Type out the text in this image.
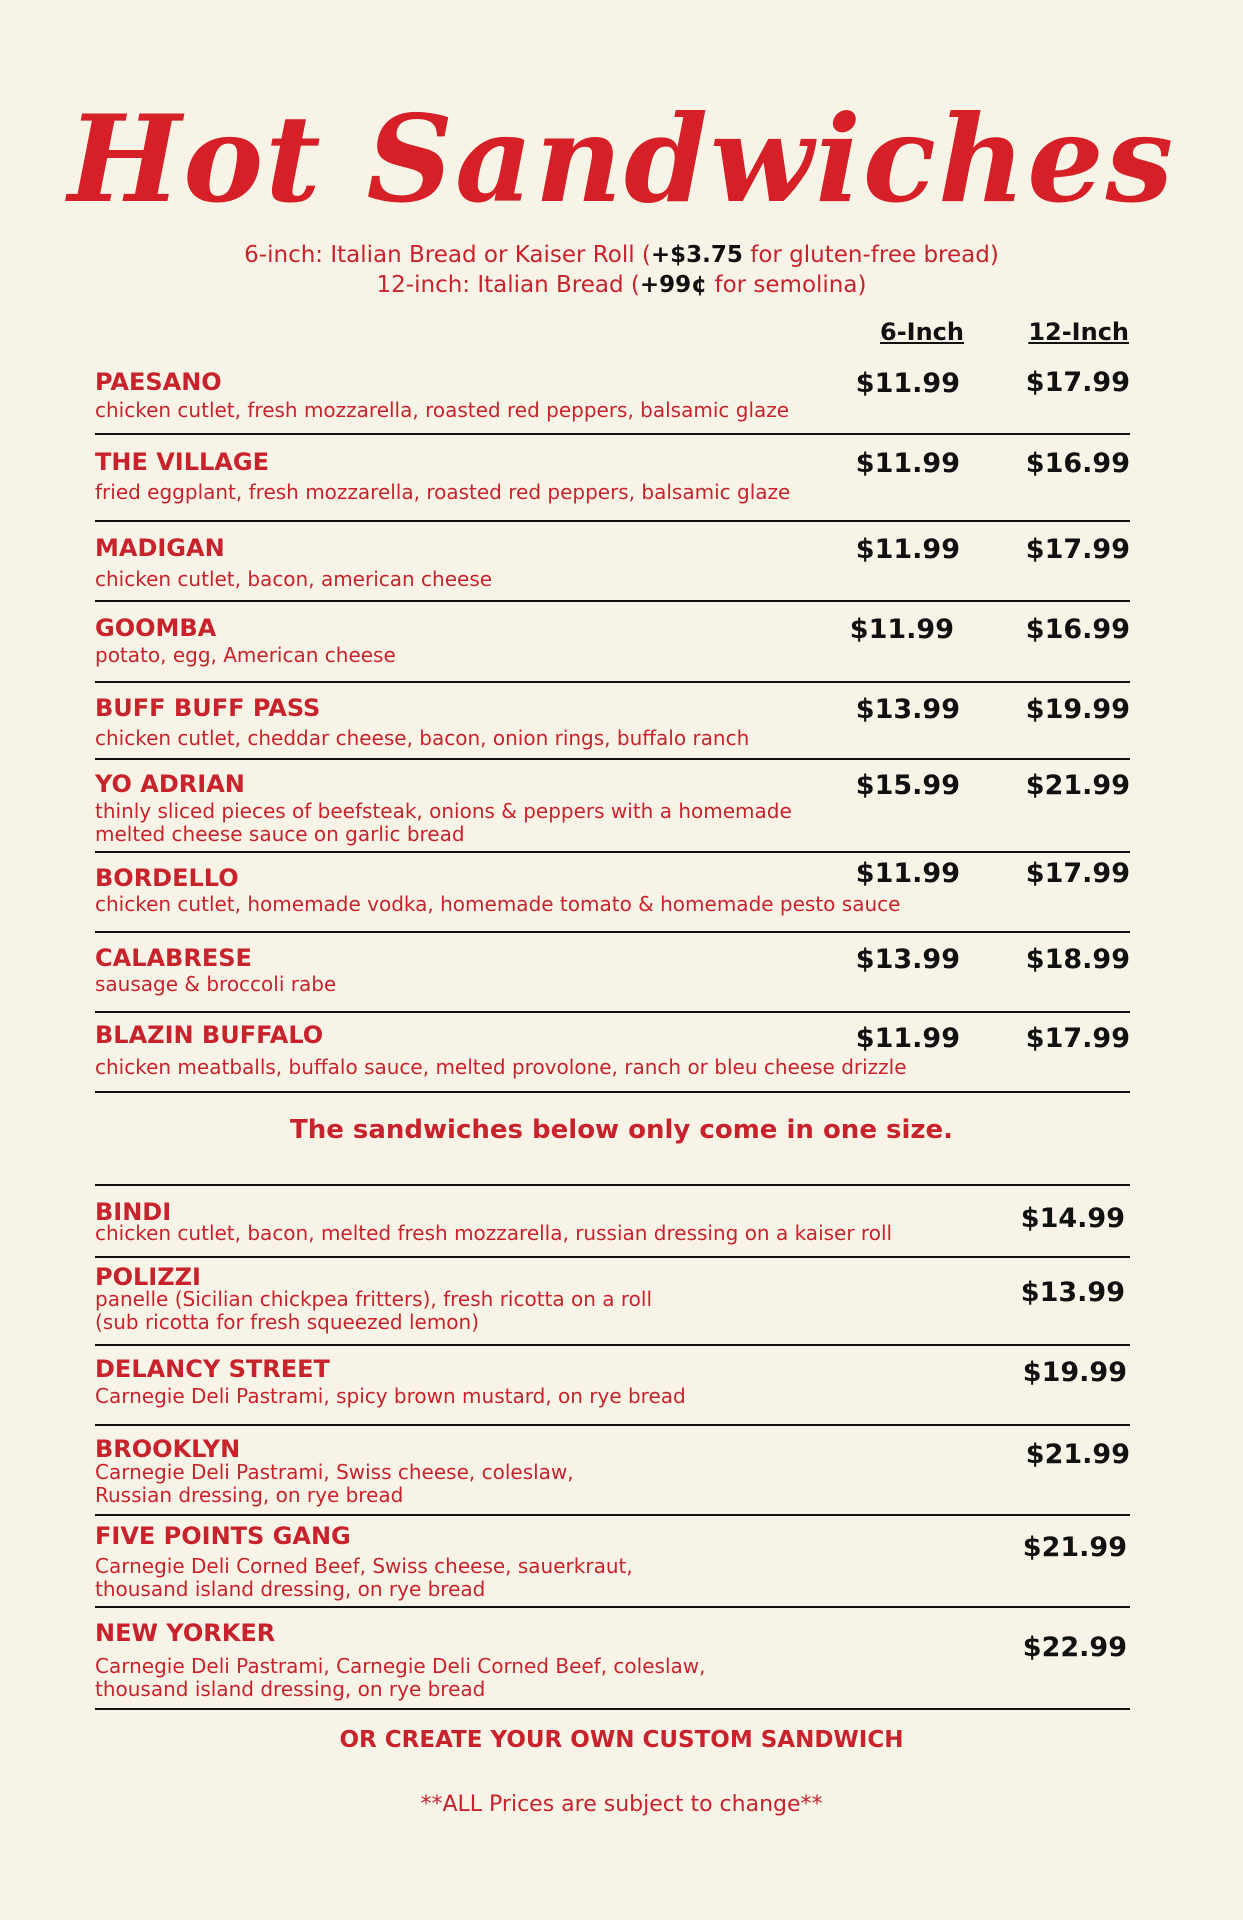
Hot Sandwiches
6-inch: Italian Bread or Kaiser Roll (+$3.75 for gluten-free bread)
12-inch: Italian Bread (+99¢ for semolina)
6-Inch	12-Inch
PAESANO
chicken cutlet, fresh mozzarella, roasted red peppers, balsamic glaze
$11.99 $17.99
THE VILLAGE
fried eggplant, fresh mozzarella, roasted red peppers, balsamic glaze
$11.99 $16.99
MADIGAN
chicken cutlet, bacon, american cheese
$11.99 $17.99
GOOMBA
potato, egg, American cheese
$11.99	$16.99
BUFF BUFF PASS
chicken cutlet, cheddar cheese, bacon, onion rings, buffalo ranch
$13.99 $19.99
YO ADRIAN
thinly sliced pieces of beefsteak, onions & peppers with a homemade
melted cheese sauce on garlic bread
$15.99 $21.99
BORDELLO
chicken cutlet, homemade vodka, homemade tomato & homemade pesto sauce
$11.99 $17.99
CALABRESE
sausage & broccoli rabe
$13.99 $18.99
BLAZIN BUFFALO
chicken meatballs, buffalo sauce, melted provolone, ranch or bleu cheese drizzle
$11.99 $17.99
The sandwiches below only come in one size.
BINDI
chicken cutlet, bacon, melted fresh mozzarella, russian dressing on a kaiser roll	$14.99
POLIZZI
panelle (Sicilian chickpea fritters), fresh ricotta on a roll
(sub ricotta for fresh squeezed lemon)
$13.99
DELANCY STREET
Carnegie Deli Pastrami, spicy brown mustard, on rye bread
$19.99
BROOKLYN
Carnegie Deli Pastrami, Swiss cheese, coleslaw,
Russian dressing, on rye bread
$21.99
FIVE POINTS GANG
Carnegie Deli Corned Beef, Swiss cheese, sauerkraut,
thousand island dressing, on rye bread
$21.99
NEW YORKER
Carnegie Deli Pastrami, Carnegie Deli Corned Beef, coleslaw,
thousand island dressing, on rye bread
$22.99
OR CREATE YOUR OWN CUSTOM SANDWICH
**ALL Prices are subject to change**
